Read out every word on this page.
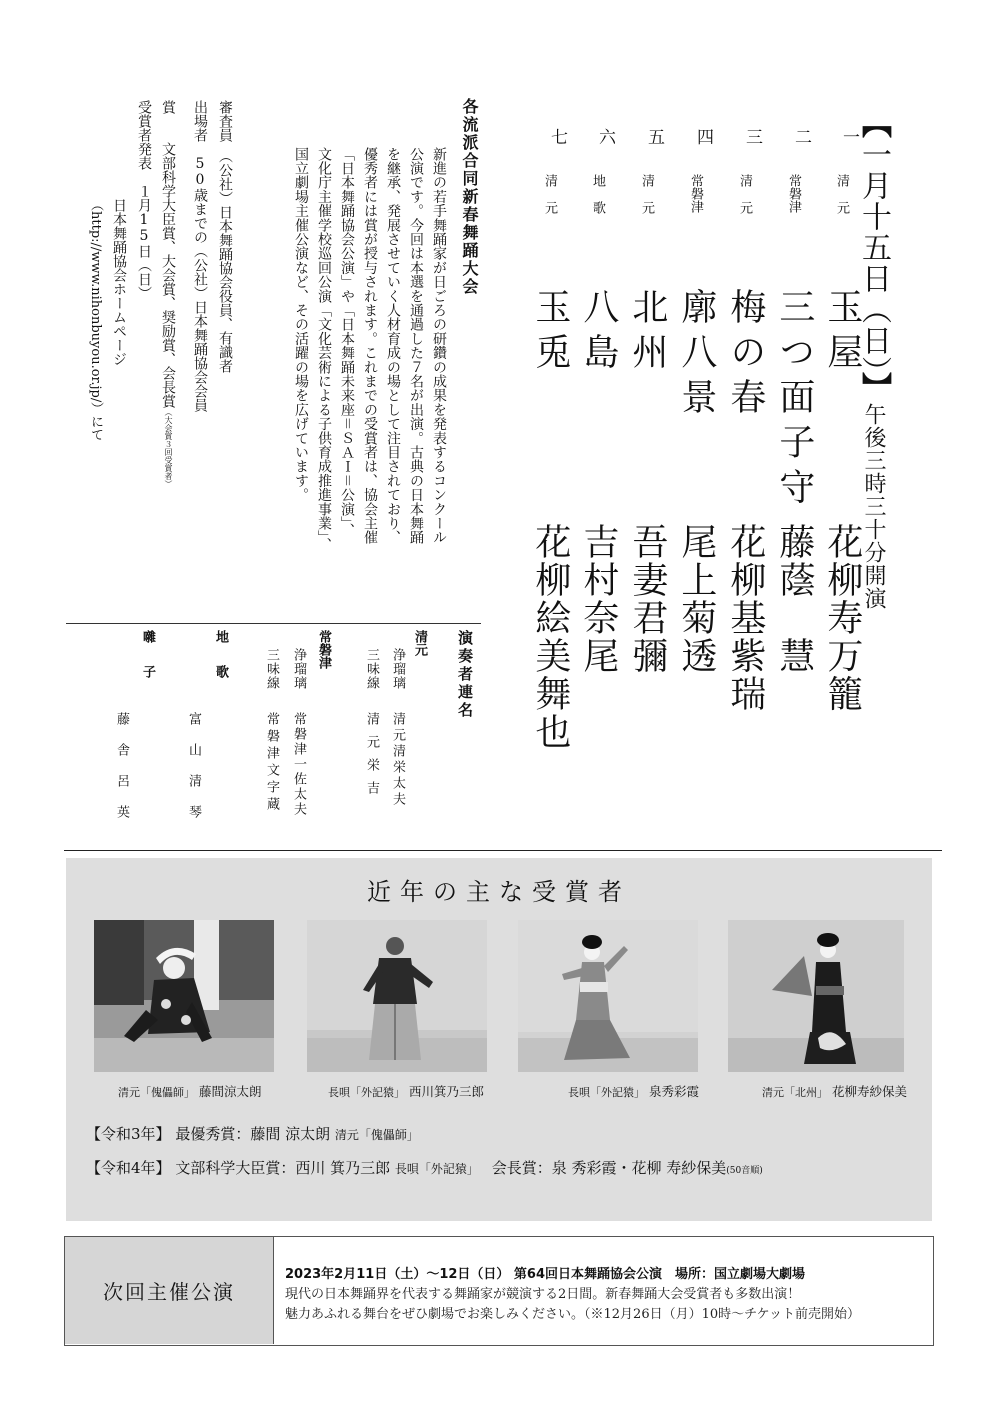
【一月十五日（日）】午後三時三十分開演
一
清元
玉屋
花柳寿万籠
二
常磐津
三つ面子守
藤蔭　慧
三
清元
梅の春
花柳基紫瑞
四
常磐津
廓八景
尾上菊透
五
清元
北州
吾妻君彌
六
地歌
八島
吉村奈尾
七
清元
玉兎
花柳絵美舞也
各流派合同新春舞踊大会
新進の若手舞踊家が日ごろの研鑽の成果を発表するコンクール
公演です。今回は本選を通過した７名が出演。古典の日本舞踊
を継承、発展させていく人材育成の場として注目されており、
優秀者には賞が授与されます。これまでの受賞者は、協会主催
「日本舞踊協会公演」や「日本舞踊未来座＝ＳＡＩ＝公演」、
文化庁主催学校巡回公演「文化芸術による子供育成推進事業」、
国立劇場主催公演など、その活躍の場を広げています。
審査員　（公社）日本舞踊協会役員、有識者
出場者　50歳までの（公社）日本舞踊協会会員
賞　　文部科学大臣賞、大会賞、奨励賞、会長賞（大会賞３回受賞者）
受賞者発表　１月15日（日）
日本舞踊協会ホームページ
（http://www.nihonbuyou.or.jp/）にて
演奏者連名
清元
浄瑠璃
清元清栄太夫
三味線
清元栄吉
常磐津
浄瑠璃
常磐津一佐太夫
三味線
常磐津文字蔵
地歌
富山清琴
囃子
藤舎呂英
近年の主な受賞者
清元「傀儡師」 藤間涼太朗	長唄「外記猿」 西川箕乃三郎	長唄「外記猿」 泉秀彩霞	清元「北州」 花柳寿紗保美
【令和3年】 最優秀賞：藤間 涼太朗 清元「傀儡師」
【令和4年】 文部科学大臣賞：西川 箕乃三郎 長唄「外記猿」 会長賞：泉 秀彩霞・花柳 寿紗保美(50音順)
次回主催公演
2023年2月11日（土）～12日（日） 第64回日本舞踊協会公演　場所：国立劇場大劇場
現代の日本舞踊界を代表する舞踊家が競演する2日間。新春舞踊大会受賞者も多数出演！
魅力あふれる舞台をぜひ劇場でお楽しみください。（※12月26日（月）10時～チケット前売開始）
